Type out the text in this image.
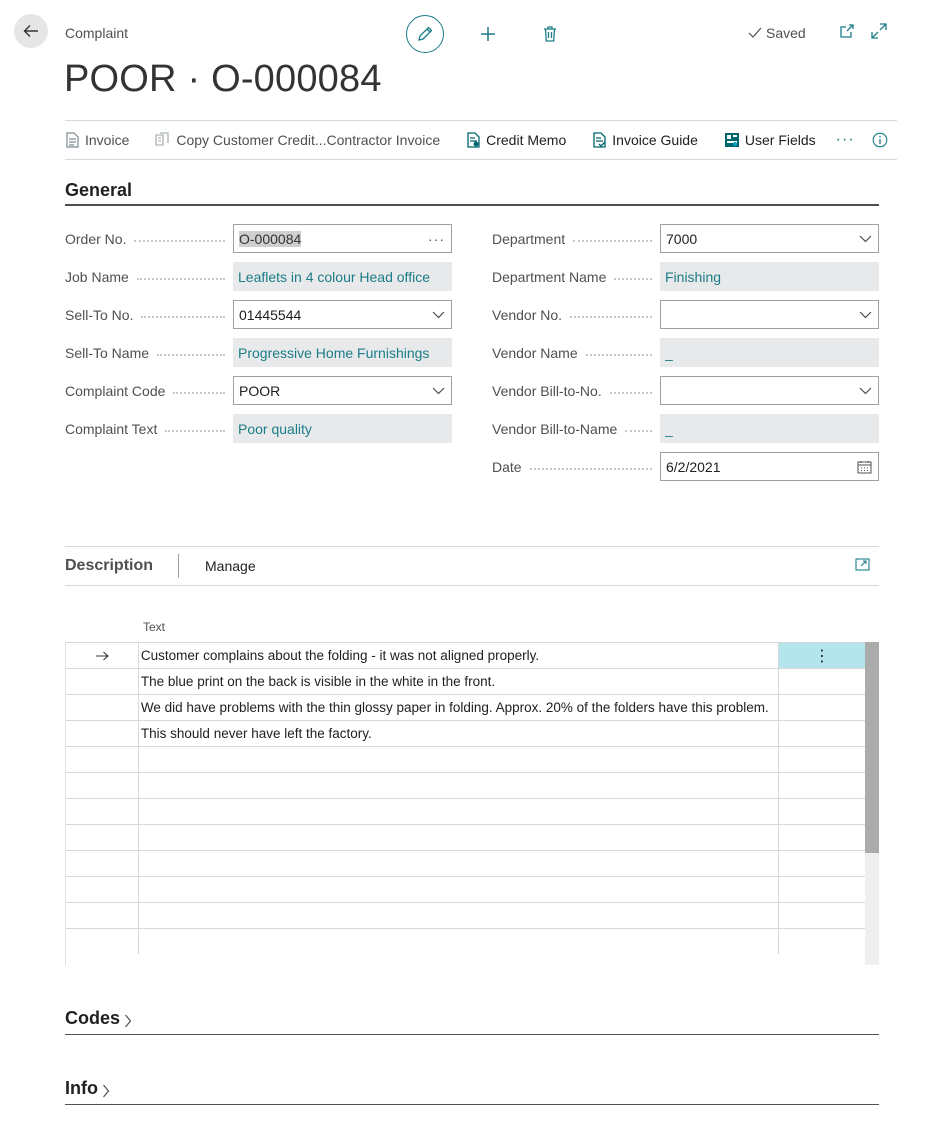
Complaint
POOR · O-000084
Saved
Invoice	Copy Customer Credit...Contractor Invoice	Credit Memo	Invoice Guide	User Fields ···
General
Order No.	O-000084	···
Job Name	Leaflets in 4 colour Head office
Sell-To No.	01445544
Sell-To Name	Progressive Home Furnishings
Complaint Code	POOR
Complaint Text	Poor quality
Department	7000
Department Name	Finishing
Vendor No.
Vendor Name	_
Vendor Bill-to-No.
Vendor Bill-to-Name	_
Date	6/2/2021
Description	Manage
Text
Customer complains about the folding - it was not aligned properly.	⋮
The blue print on the back is visible in the white in the front.
We did have problems with the thin glossy paper in folding. Approx. 20% of the folders have this problem.
This should never have left the factory.
Codes
Info
